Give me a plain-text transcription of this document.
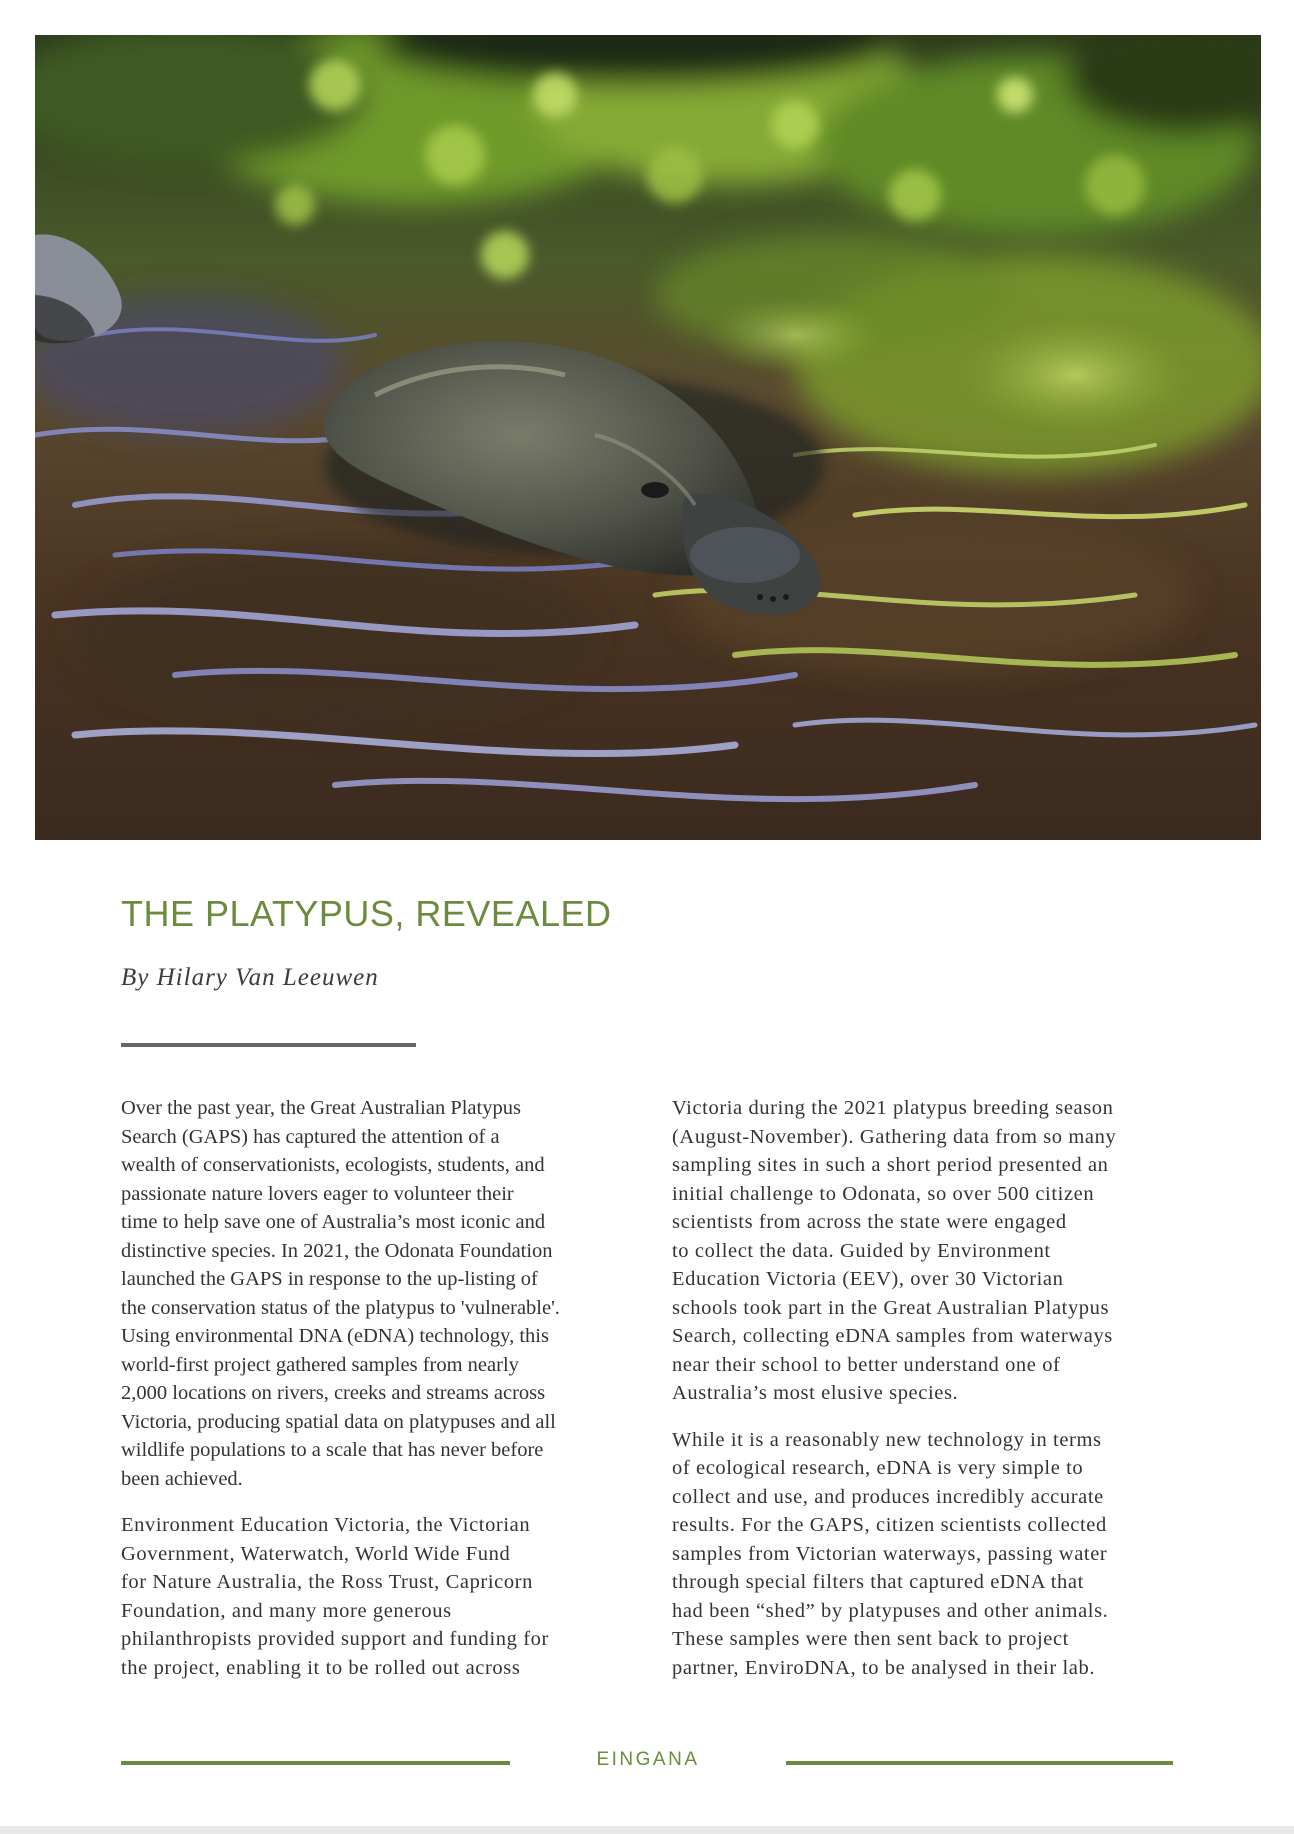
THE PLATYPUS, REVEALED

By Hilary Van Leeuwen

Over the past year, the Great Australian Platypus
Search (GAPS) has captured the attention of a
wealth of conservationists, ecologists, students, and
passionate nature lovers eager to volunteer their
time to help save one of Australia’s most iconic and
distinctive species. In 2021, the Odonata Foundation
launched the GAPS in response to the up-listing of
the conservation status of the platypus to 'vulnerable'.
Using environmental DNA (eDNA) technology, this
world-first project gathered samples from nearly
2,000 locations on rivers, creeks and streams across
Victoria, producing spatial data on platypuses and all
wildlife populations to a scale that has never before
been achieved.

Environment Education Victoria, the Victorian
Government, Waterwatch, World Wide Fund
for Nature Australia, the Ross Trust, Capricorn
Foundation, and many more generous
philanthropists provided support and funding for
the project, enabling it to be rolled out across

Victoria during the 2021 platypus breeding season
(August-November). Gathering data from so many
sampling sites in such a short period presented an
initial challenge to Odonata, so over 500 citizen
scientists from across the state were engaged
to collect the data. Guided by Environment
Education Victoria (EEV), over 30 Victorian
schools took part in the Great Australian Platypus
Search, collecting eDNA samples from waterways
near their school to better understand one of
Australia’s most elusive species.

While it is a reasonably new technology in terms
of ecological research, eDNA is very simple to
collect and use, and produces incredibly accurate
results. For the GAPS, citizen scientists collected
samples from Victorian waterways, passing water
through special filters that captured eDNA that
had been “shed” by platypuses and other animals.
These samples were then sent back to project
partner, EnviroDNA, to be analysed in their lab.

EINGANA
